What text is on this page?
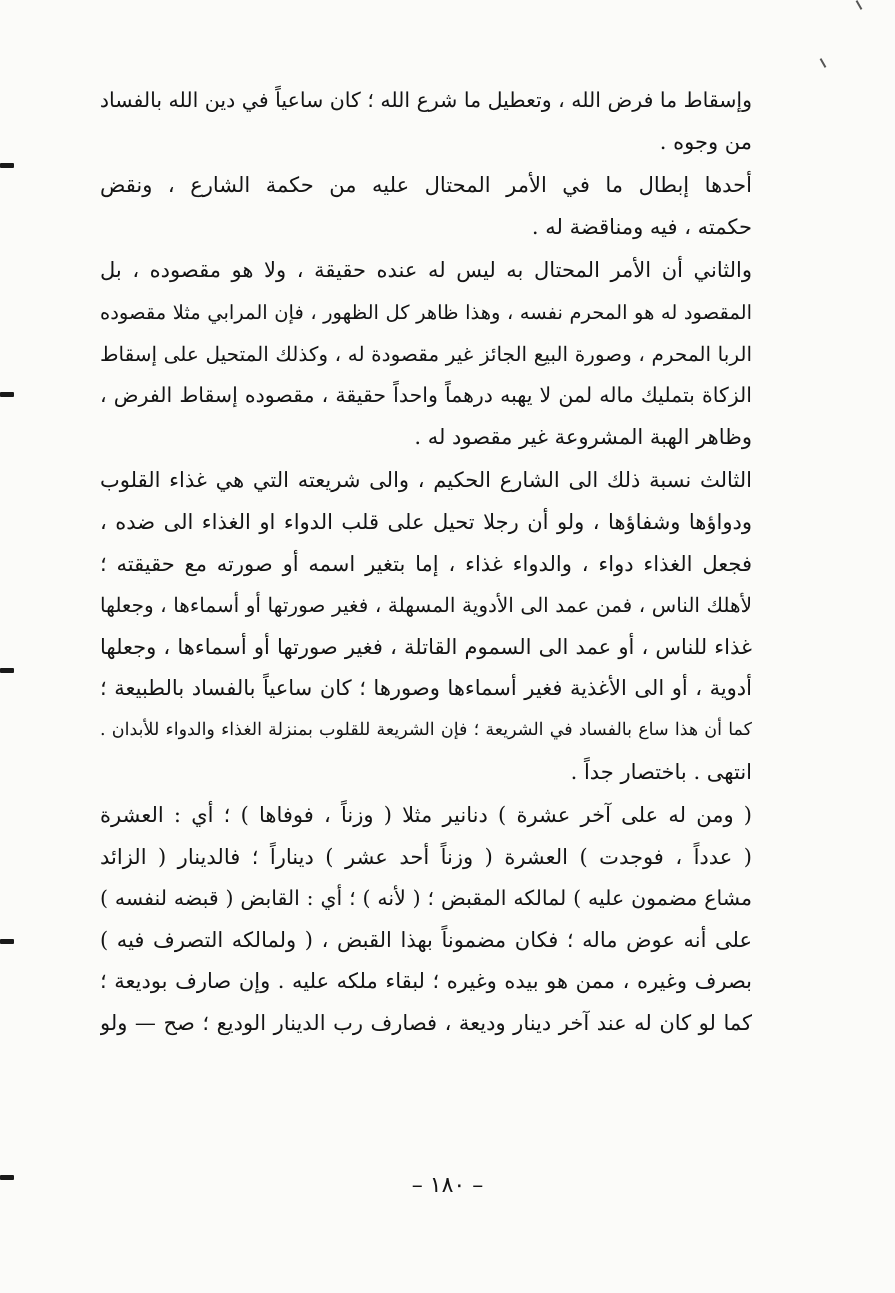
وإسقاط ما فرض الله ، وتعطيل ما شرع الله ؛ كان ساعياً في دين الله بالفساد
من وجوه .
أحدها إبطال ما في الأمر المحتال عليه من حكمة الشارع ، ونقض
حكمته ، فيه ومناقضة له .
والثاني أن الأمر المحتال به ليس له عنده حقيقة ، ولا هو مقصوده ، بل
المقصود له هو المحرم نفسه ، وهذا ظاهر كل الظهور ، فإن المرابي مثلا مقصوده
الربا المحرم ، وصورة البيع الجائز غير مقصودة له ، وكذلك المتحيل على إسقاط
الزكاة بتمليك ماله لمن لا يهبه درهماً واحداً حقيقة ، مقصوده إسقاط الفرض ،
وظاهر الهبة المشروعة غير مقصود له .
الثالث نسبة ذلك الى الشارع الحكيم ، والى شريعته التي هي غذاء القلوب
ودواؤها وشفاؤها ، ولو أن رجلا تحيل على قلب الدواء او الغذاء الى ضده ،
فجعل الغذاء دواء ، والدواء غذاء ، إما بتغير اسمه أو صورته مع حقيقته ؛
لأهلك الناس ، فمن عمد الى الأدوية المسهلة ، فغير صورتها أو أسماءها ، وجعلها
غذاء للناس ، أو عمد الى السموم القاتلة ، فغير صورتها أو أسماءها ، وجعلها
أدوية ، أو الى الأغذية فغير أسماءها وصورها ؛ كان ساعياً بالفساد بالطبيعة ؛
كما أن هذا ساع بالفساد في الشريعة ؛ فإن الشريعة للقلوب بمنزلة الغذاء والدواء للأبدان .
انتهى . باختصار جداً .
( ومن له على آخر عشرة ) دنانير مثلا ( وزناً ، فوفاها ) ؛ أي : العشرة
( عدداً ، فوجدت ) العشرة ( وزناً أحد عشر ) ديناراً ؛ فالدينار ( الزائد
مشاع مضمون عليه ) لمالكه المقبض ؛ ( لأنه ) ؛ أي : القابض ( قبضه لنفسه )
على أنه عوض ماله ؛ فكان مضموناً بهذا القبض ، ( ولمالكه التصرف فيه )
بصرف وغيره ، ممن هو بيده وغيره ؛ لبقاء ملكه عليه . وإن صارف بوديعة ؛
كما لو كان له عند آخر دينار وديعة ، فصارف رب الدينار الوديع ؛ صح — ولو
– ١٨٠ –
